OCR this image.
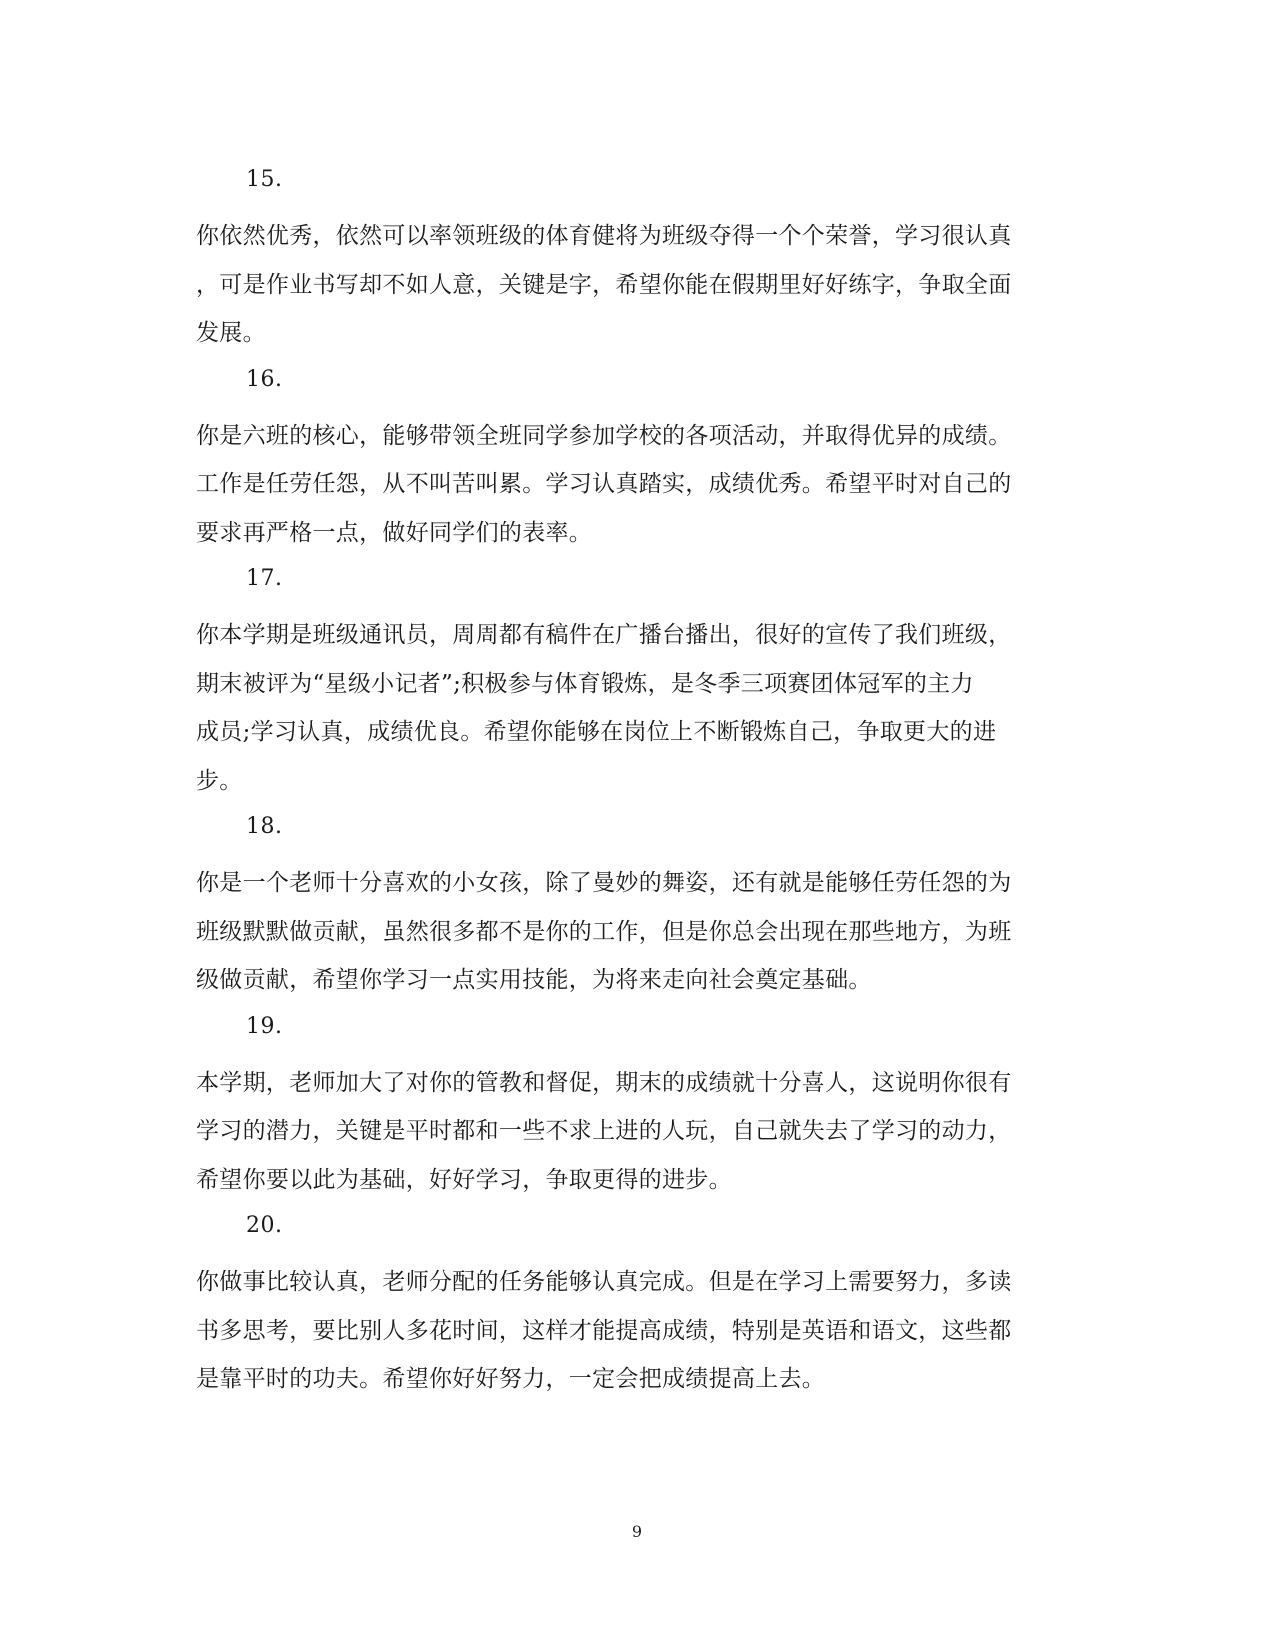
15.
你依然优秀，依然可以率领班级的体育健将为班级夺得一个个荣誉，学习很认真
，可是作业书写却不如人意，关键是字，希望你能在假期里好好练字，争取全面
发展。
16.
你是六班的核心，能够带领全班同学参加学校的各项活动，并取得优异的成绩。
工作是任劳任怨，从不叫苦叫累。学习认真踏实，成绩优秀。希望平时对自己的
要求再严格一点，做好同学们的表率。
17.
你本学期是班级通讯员，周周都有稿件在广播台播出，很好的宣传了我们班级，
期末被评为“星级小记者”;积极参与体育锻炼，是冬季三项赛团体冠军的主力
成员;学习认真，成绩优良。希望你能够在岗位上不断锻炼自己，争取更大的进
步。
18.
你是一个老师十分喜欢的小女孩，除了曼妙的舞姿，还有就是能够任劳任怨的为
班级默默做贡献，虽然很多都不是你的工作，但是你总会出现在那些地方，为班
级做贡献，希望你学习一点实用技能，为将来走向社会奠定基础。
19.
本学期，老师加大了对你的管教和督促，期末的成绩就十分喜人，这说明你很有
学习的潜力，关键是平时都和一些不求上进的人玩，自己就失去了学习的动力，
希望你要以此为基础，好好学习，争取更得的进步。
20.
你做事比较认真，老师分配的任务能够认真完成。但是在学习上需要努力，多读
书多思考，要比别人多花时间，这样才能提高成绩，特别是英语和语文，这些都
是靠平时的功夫。希望你好好努力，一定会把成绩提高上去。
9
